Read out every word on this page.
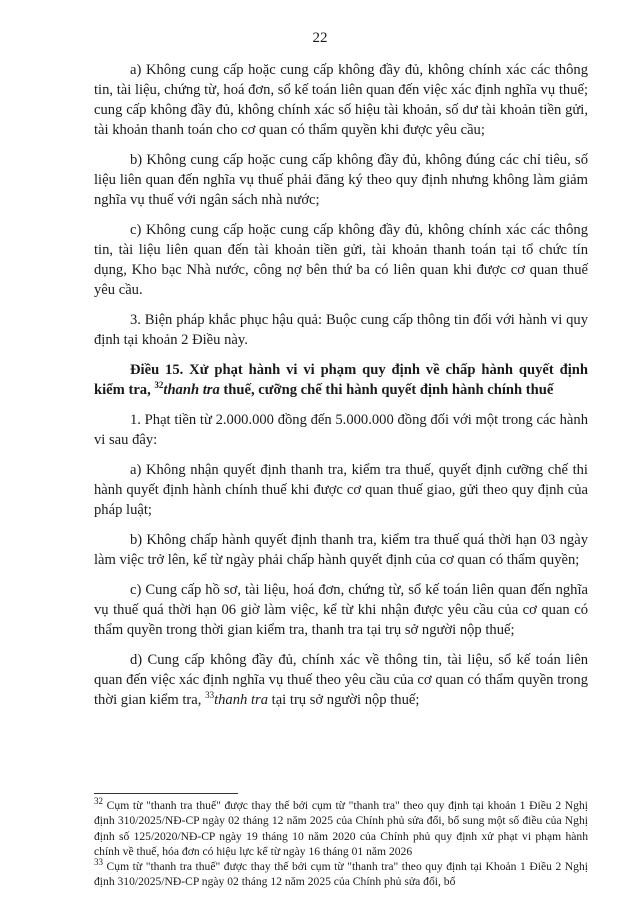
22

a) Không cung cấp hoặc cung cấp không đầy đủ, không chính xác các thông tin, tài liệu, chứng từ, hoá đơn, sổ kế toán liên quan đến việc xác định nghĩa vụ thuế; cung cấp không đầy đủ, không chính xác số hiệu tài khoản, số dư tài khoản tiền gửi, tài khoản thanh toán cho cơ quan có thẩm quyền khi được yêu cầu;

b) Không cung cấp hoặc cung cấp không đầy đủ, không đúng các chỉ tiêu, số liệu liên quan đến nghĩa vụ thuế phải đăng ký theo quy định nhưng không làm giảm nghĩa vụ thuế với ngân sách nhà nước;

c) Không cung cấp hoặc cung cấp không đầy đủ, không chính xác các thông tin, tài liệu liên quan đến tài khoản tiền gửi, tài khoản thanh toán tại tổ chức tín dụng, Kho bạc Nhà nước, công nợ bên thứ ba có liên quan khi được cơ quan thuế yêu cầu.

3. Biện pháp khắc phục hậu quả: Buộc cung cấp thông tin đối với hành vi quy định tại khoản 2 Điều này.

Điều 15. Xử phạt hành vi vi phạm quy định về chấp hành quyết định kiểm tra, $^{32}$thanh tra thuế, cưỡng chế thi hành quyết định hành chính thuế

1. Phạt tiền từ 2.000.000 đồng đến 5.000.000 đồng đối với một trong các hành vi sau đây:

a) Không nhận quyết định thanh tra, kiểm tra thuế, quyết định cưỡng chế thi hành quyết định hành chính thuế khi được cơ quan thuế giao, gửi theo quy định của pháp luật;

b) Không chấp hành quyết định thanh tra, kiểm tra thuế quá thời hạn 03 ngày làm việc trở lên, kể từ ngày phải chấp hành quyết định của cơ quan có thẩm quyền;

c) Cung cấp hồ sơ, tài liệu, hoá đơn, chứng từ, sổ kế toán liên quan đến nghĩa vụ thuế quá thời hạn 06 giờ làm việc, kể từ khi nhận được yêu cầu của cơ quan có thẩm quyền trong thời gian kiểm tra, thanh tra tại trụ sở người nộp thuế;

d) Cung cấp không đầy đủ, chính xác về thông tin, tài liệu, sổ kế toán liên quan đến việc xác định nghĩa vụ thuế theo yêu cầu của cơ quan có thẩm quyền trong thời gian kiểm tra, $^{33}$thanh tra tại trụ sở người nộp thuế;

$^{32}$ Cụm từ "thanh tra thuế" được thay thế bởi cụm từ "thanh tra" theo quy định tại khoản 1 Điều 2 Nghị định 310/2025/NĐ-CP ngày 02 tháng 12 năm 2025 của Chính phủ sửa đổi, bổ sung một số điều của Nghị định số 125/2020/NĐ-CP ngày 19 tháng 10 năm 2020 của Chính phủ quy định xử phạt vi phạm hành chính về thuế, hóa đơn có hiệu lực kể từ ngày 16 tháng 01 năm 2026

$^{33}$ Cụm từ "thanh tra thuế" được thay thế bởi cụm từ "thanh tra" theo quy định tại Khoản 1 Điều 2 Nghị định 310/2025/NĐ-CP ngày 02 tháng 12 năm 2025 của Chính phủ sửa đổi, bổ
